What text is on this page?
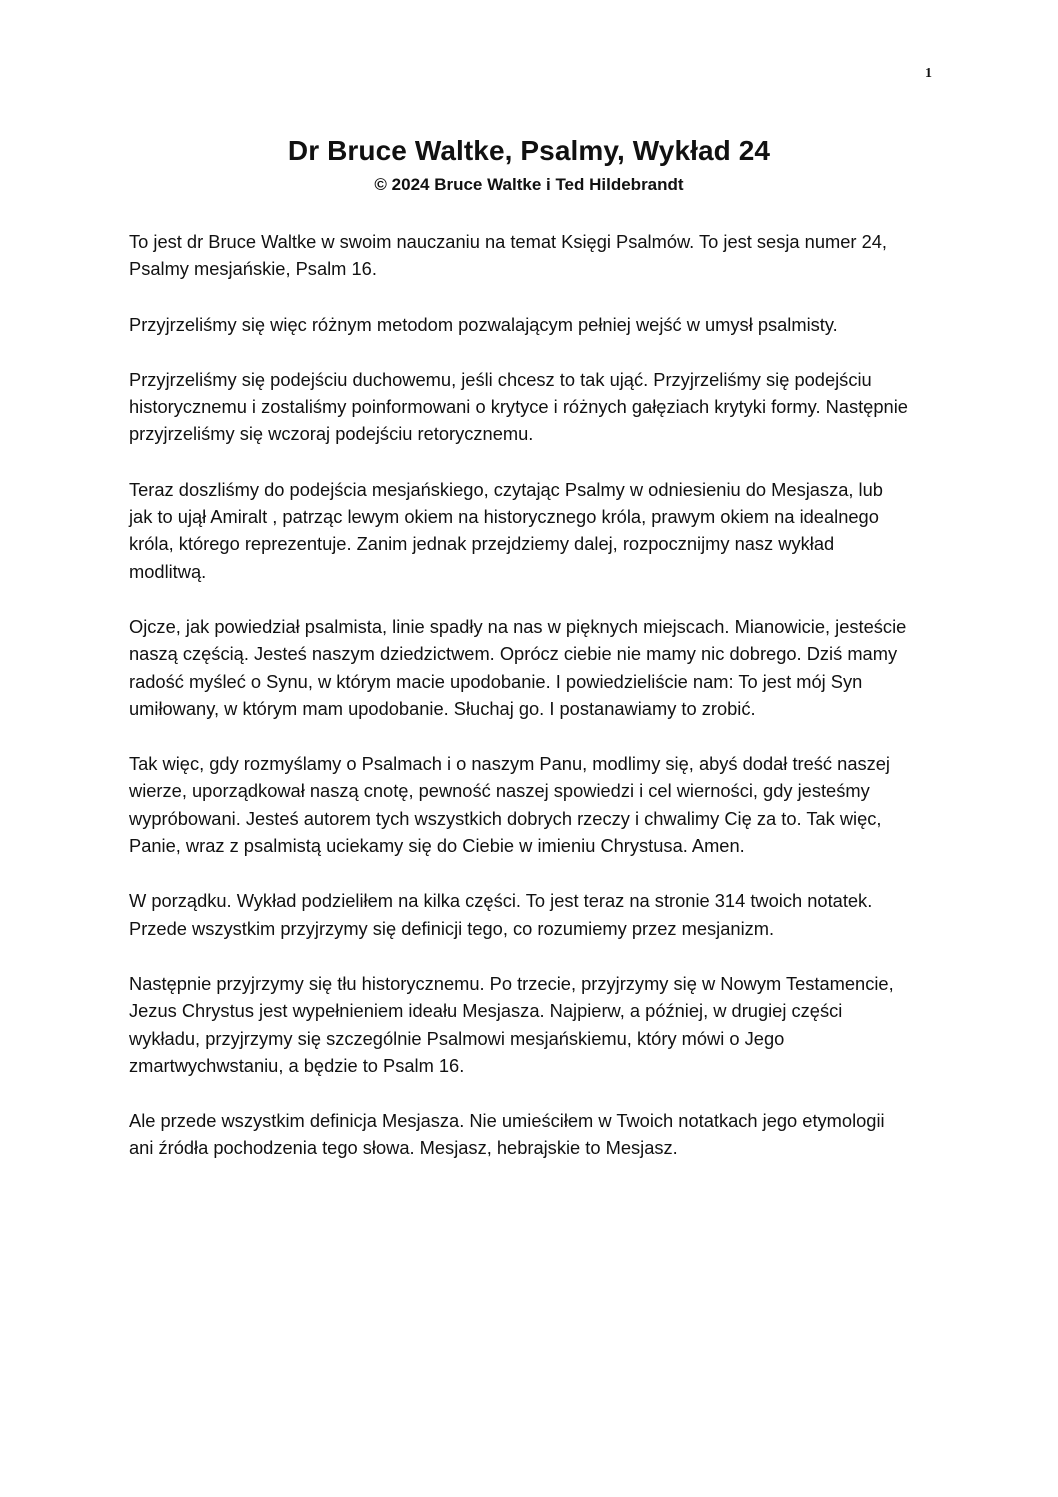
1
Dr Bruce Waltke, Psalmy, Wykład 24
© 2024 Bruce Waltke i Ted Hildebrandt

To jest dr Bruce Waltke w swoim nauczaniu na temat Księgi Psalmów. To jest sesja numer 24, Psalmy mesjańskie, Psalm 16.

Przyjrzeliśmy się więc różnym metodom pozwalającym pełniej wejść w umysł psalmisty.

Przyjrzeliśmy się podejściu duchowemu, jeśli chcesz to tak ująć. Przyjrzeliśmy się podejściu historycznemu i zostaliśmy poinformowani o krytyce i różnych gałęziach krytyki formy. Następnie przyjrzeliśmy się wczoraj podejściu retorycznemu.

Teraz doszliśmy do podejścia mesjańskiego, czytając Psalmy w odniesieniu do Mesjasza, lub jak to ujął Amiralt , patrząc lewym okiem na historycznego króla, prawym okiem na idealnego króla, którego reprezentuje. Zanim jednak przejdziemy dalej, rozpocznijmy nasz wykład modlitwą.

Ojcze, jak powiedział psalmista, linie spadły na nas w pięknych miejscach. Mianowicie, jesteście naszą częścią. Jesteś naszym dziedzictwem. Oprócz ciebie nie mamy nic dobrego. Dziś mamy radość myśleć o Synu, w którym macie upodobanie. I powiedzieliście nam: To jest mój Syn umiłowany, w którym mam upodobanie. Słuchaj go. I postanawiamy to zrobić.

Tak więc, gdy rozmyślamy o Psalmach i o naszym Panu, modlimy się, abyś dodał treść naszej wierze, uporządkował naszą cnotę, pewność naszej spowiedzi i cel wierności, gdy jesteśmy wypróbowani. Jesteś autorem tych wszystkich dobrych rzeczy i chwalimy Cię za to. Tak więc, Panie, wraz z psalmistą uciekamy się do Ciebie w imieniu Chrystusa. Amen.

W porządku. Wykład podzieliłem na kilka części. To jest teraz na stronie 314 twoich notatek. Przede wszystkim przyjrzymy się definicji tego, co rozumiemy przez mesjanizm.

Następnie przyjrzymy się tłu historycznemu. Po trzecie, przyjrzymy się w Nowym Testamencie, Jezus Chrystus jest wypełnieniem ideału Mesjasza. Najpierw, a później, w drugiej części wykładu, przyjrzymy się szczególnie Psalmowi mesjańskiemu, który mówi o Jego zmartwychwstaniu, a będzie to Psalm 16.

Ale przede wszystkim definicja Mesjasza. Nie umieściłem w Twoich notatkach jego etymologii ani źródła pochodzenia tego słowa. Mesjasz, hebrajskie to Mesjasz.
